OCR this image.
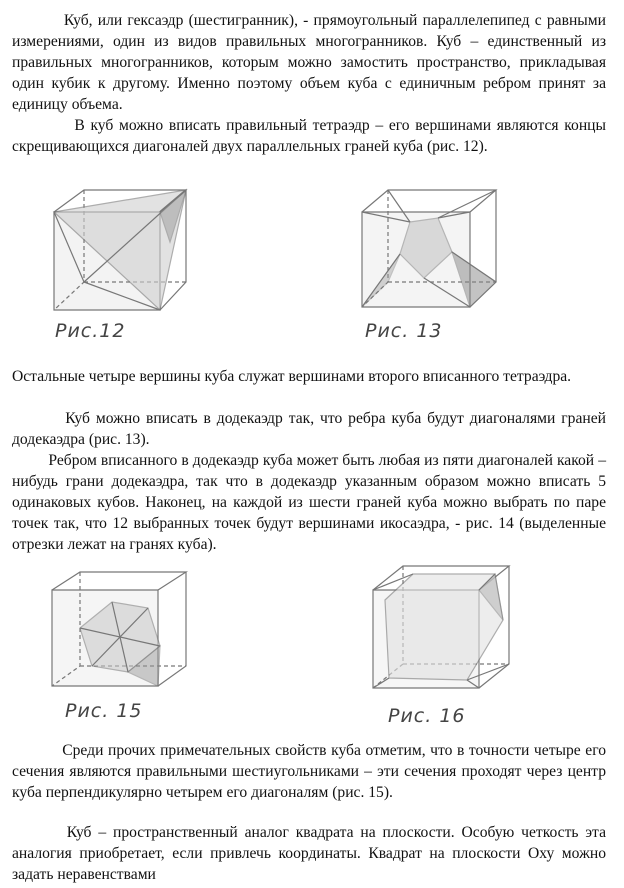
Куб, или гексаэдр (шестигранник), - прямоугольный параллелепипед с равными измерениями, один из видов правильных многогранников. Куб – единственный из правильных многогранников, которым можно замостить пространство, прикладывая один кубик к другому. Именно поэтому объем куба с единичным ребром принят за единицу объема.

В куб можно вписать правильный тетраэдр – его вершинами являются концы скрещивающихся диагоналей двух параллельных граней куба (рис. 12).

Рис.12	Рис. 13

Остальные четыре вершины куба служат вершинами второго вписанного тетраэдра.

Куб можно вписать в додекаэдр так, что ребра куба будут диагоналями граней додекаэдра (рис. 13).

Ребром вписанного в додекаэдр куба может быть любая из пяти диагоналей какой – нибудь грани додекаэдра, так что в додекаэдр указанным образом можно вписать 5 одинаковых кубов. Наконец, на каждой из шести граней куба можно выбрать по паре точек так, что 12 выбранных точек будут вершинами икосаэдра, - рис. 14 (выделенные отрезки лежат на гранях куба).

Рис. 15	Рис. 16

Среди прочих примечательных свойств куба отметим, что в точности четыре его сечения являются правильными шестиугольниками – эти сечения проходят через центр куба перпендикулярно четырем его диагоналям (рис. 15).

Куб – пространственный аналог квадрата на плоскости. Особую четкость эта аналогия приобретает, если привлечь координаты. Квадрат на плоскости Оху можно задать неравенствами
